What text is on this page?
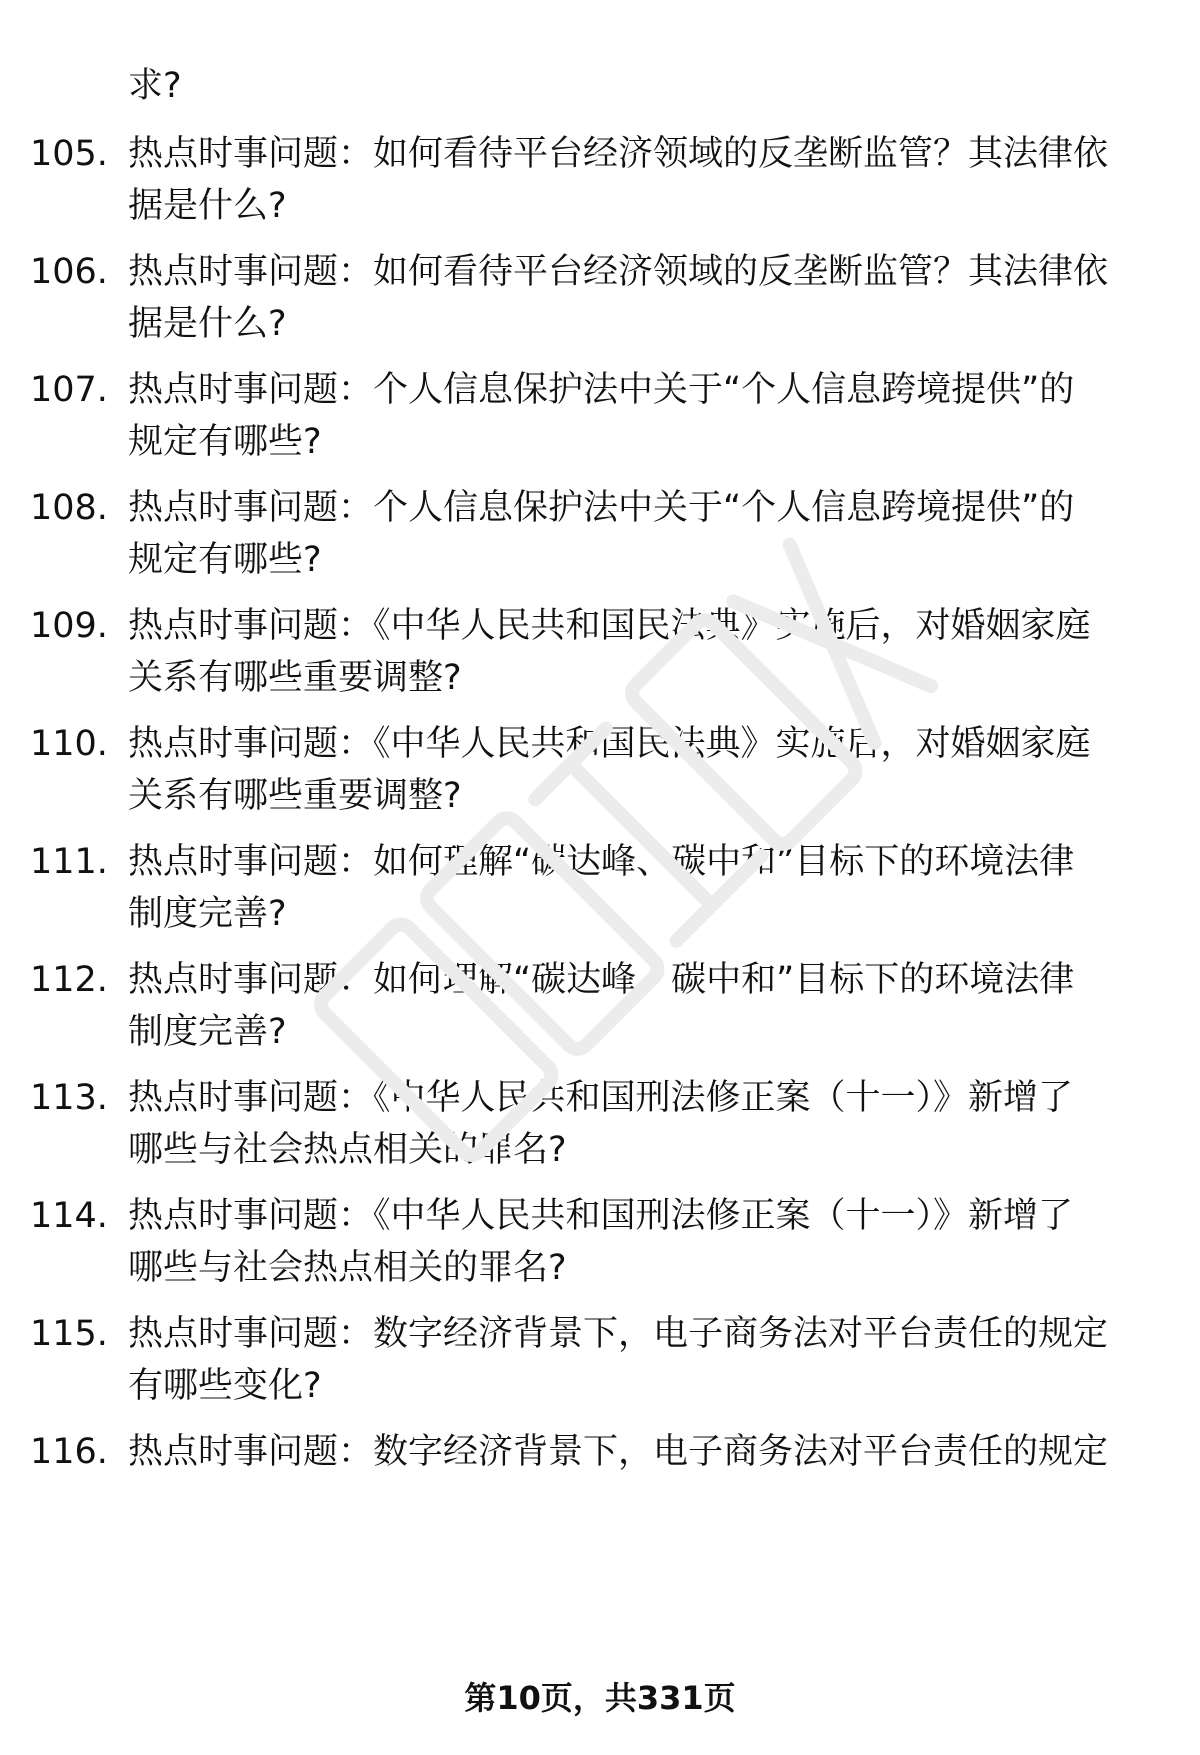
求?
105. 热点时事问题：如何看待平台经济领域的反垄断监管？其法律依
据是什么?
106. 热点时事问题：如何看待平台经济领域的反垄断监管？其法律依
据是什么?
107. 热点时事问题：个人信息保护法中关于“个人信息跨境提供”的
规定有哪些?
108. 热点时事问题：个人信息保护法中关于“个人信息跨境提供”的
规定有哪些?
109. 热点时事问题：《中华人民共和国民法典》实施后，对婚姻家庭
关系有哪些重要调整?
110. 热点时事问题：《中华人民共和国民法典》实施后，对婚姻家庭
关系有哪些重要调整?
111. 热点时事问题：如何理解“碳达峰、碳中和”目标下的环境法律
制度完善?
112. 热点时事问题：如何理解“碳达峰、碳中和”目标下的环境法律
制度完善?
113. 热点时事问题：《中华人民共和国刑法修正案（十一）》新增了
哪些与社会热点相关的罪名?
114. 热点时事问题：《中华人民共和国刑法修正案（十一）》新增了
哪些与社会热点相关的罪名?
115. 热点时事问题：数字经济背景下，电子商务法对平台责任的规定
有哪些变化?
116. 热点时事问题：数字经济背景下，电子商务法对平台责任的规定
第10页，共331页
